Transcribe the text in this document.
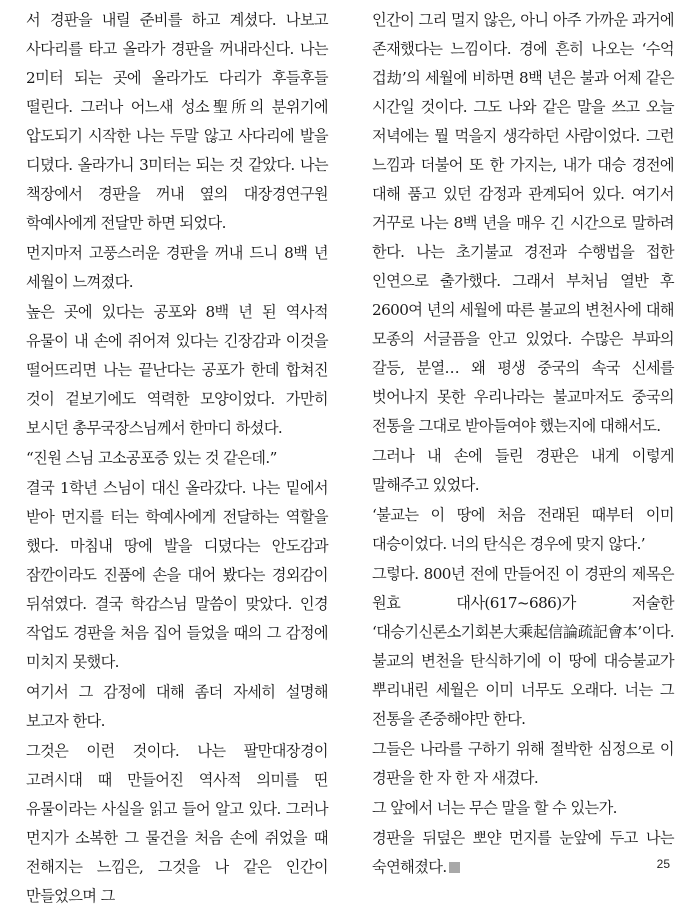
서 경판을 내릴 준비를 하고 계셨다. 나보고 사다리를 타고 올라가 경판을 꺼내라신다. 나는 2미터 되는 곳에 올라가도 다리가 후들후들 떨린다. 그러나 어느새 성소聖所의 분위기에 압도되기 시작한 나는 두말 않고 사다리에 발을 디뎠다. 올라가니 3미터는 되는 것 같았다. 나는 책장에서 경판을 꺼내 옆의 대장경연구원 학예사에게 전달만 하면 되었다.

먼지마저 고풍스러운 경판을 꺼내 드니 8백 년 세월이 느껴졌다.

높은 곳에 있다는 공포와 8백 년 된 역사적 유물이 내 손에 쥐어져 있다는 긴장감과 이것을 떨어뜨리면 나는 끝난다는 공포가 한데 합쳐진 것이 겉보기에도 역력한 모양이었다. 가만히 보시던 총무국장스님께서 한마디 하셨다.

“진원 스님 고소공포증 있는 것 같은데.”

결국 1학년 스님이 대신 올라갔다. 나는 밑에서 받아 먼지를 터는 학예사에게 전달하는 역할을 했다. 마침내 땅에 발을 디뎠다는 안도감과 잠깐이라도 진품에 손을 대어 봤다는 경외감이 뒤섞였다. 결국 학감스님 말씀이 맞았다. 인경 작업도 경판을 처음 집어 들었을 때의 그 감정에 미치지 못했다.

여기서 그 감정에 대해 좀더 자세히 설명해 보고자 한다.

그것은 이런 것이다. 나는 팔만대장경이 고려시대 때 만들어진 역사적 의미를 띤 유물이라는 사실을 읽고 들어 알고 있다. 그러나 먼지가 소복한 그 물건을 처음 손에 쥐었을 때 전해지는 느낌은, 그것을 나 같은 인간이 만들었으며 그

인간이 그리 멀지 않은, 아니 아주 가까운 과거에 존재했다는 느낌이다. 경에 흔히 나오는 ‘수억 겁劫’의 세월에 비하면 8백 년은 불과 어제 같은 시간일 것이다. 그도 나와 같은 말을 쓰고 오늘 저녁에는 뭘 먹을지 생각하던 사람이었다. 그런 느낌과 더불어 또 한 가지는, 내가 대승 경전에 대해 품고 있던 감정과 관계되어 있다. 여기서 거꾸로 나는 8백 년을 매우 긴 시간으로 말하려 한다. 나는 초기불교 경전과 수행법을 접한 인연으로 출가했다. 그래서 부처님 열반 후 2600여 년의 세월에 따른 불교의 변천사에 대해 모종의 서글픔을 안고 있었다. 수많은 부파의 갈등, 분열… 왜 평생 중국의 속국 신세를 벗어나지 못한 우리나라는 불교마저도 중국의 전통을 그대로 받아들여야 했는지에 대해서도.

그러나 내 손에 들린 경판은 내게 이렇게 말해주고 있었다.

‘불교는 이 땅에 처음 전래된 때부터 이미 대승이었다. 너의 탄식은 경우에 맞지 않다.’

그렇다. 800년 전에 만들어진 이 경판의 제목은 원효 대사(617~686)가 저술한 ‘대승기신론소기회본大乘起信論疏記會本’이다. 불교의 변천을 탄식하기에 이 땅에 대승불교가 뿌리내린 세월은 이미 너무도 오래다. 너는 그 전통을 존중해야만 한다.

그들은 나라를 구하기 위해 절박한 심정으로 이 경판을 한 자 한 자 새겼다.

그 앞에서 너는 무슨 말을 할 수 있는가.

경판을 뒤덮은 뽀얀 먼지를 눈앞에 두고 나는 숙연해졌다.	25
